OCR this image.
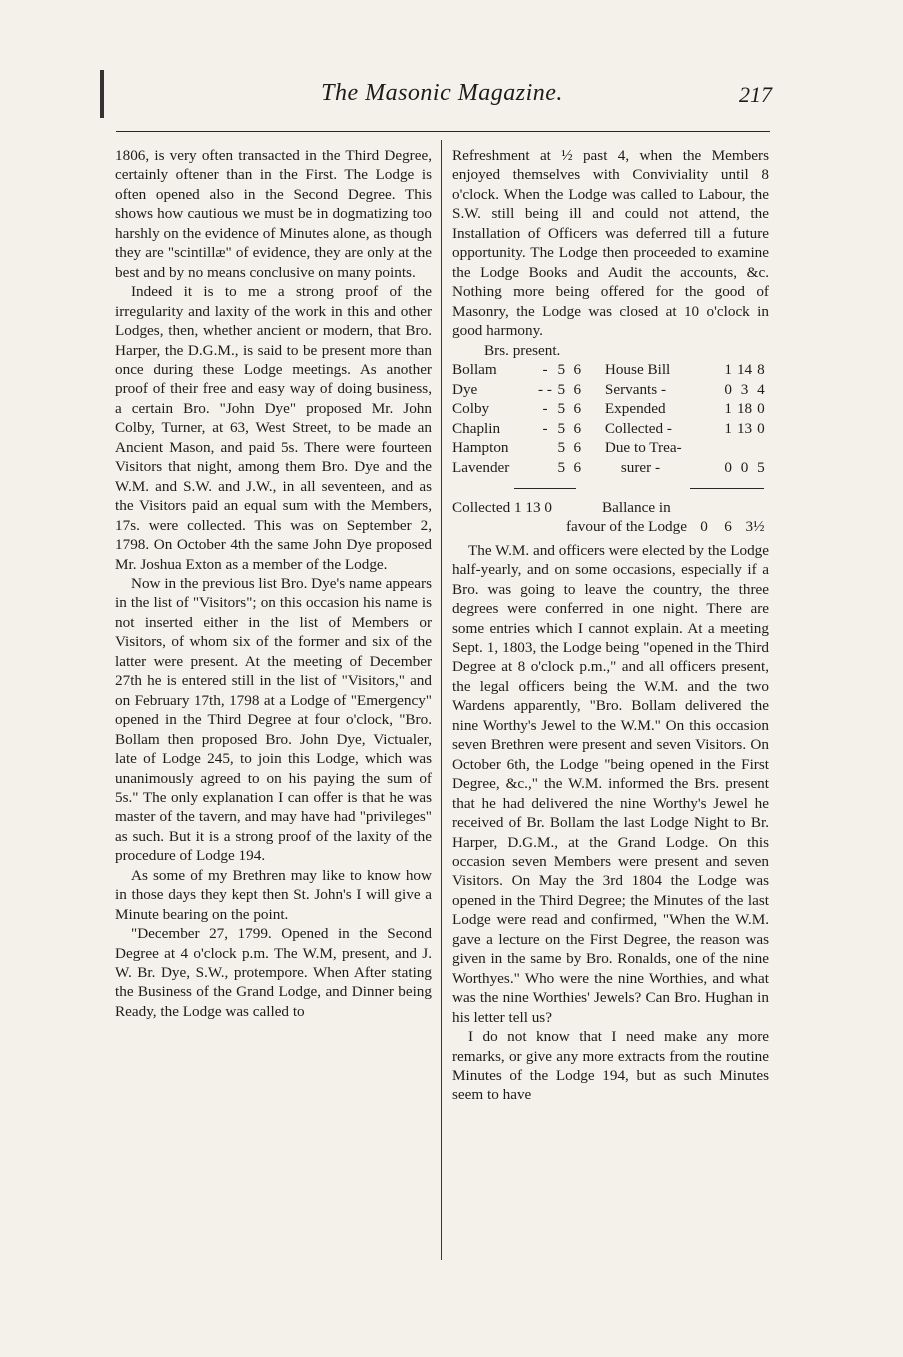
The Masonic Magazine.	217

1806, is very often transacted in the Third Degree, certainly oftener than in the First. The Lodge is often opened also in the Second Degree. This shows how cautious we must be in dogmatizing too harshly on the evidence of Minutes alone, as though they are "scintillæ" of evidence, they are only at the best and by no means conclusive on many points.

Indeed it is to me a strong proof of the irregularity and laxity of the work in this and other Lodges, then, whether ancient or modern, that Bro. Harper, the D.G.M., is said to be present more than once during these Lodge meetings. As another proof of their free and easy way of doing business, a certain Bro. "John Dye" proposed Mr. John Colby, Turner, at 63, West Street, to be made an Ancient Mason, and paid 5s. There were fourteen Visitors that night, among them Bro. Dye and the W.M. and S.W. and J.W., in all seventeen, and as the Visitors paid an equal sum with the Members, 17s. were collected. This was on September 2, 1798. On October 4th the same John Dye proposed Mr. Joshua Exton as a member of the Lodge.

Now in the previous list Bro. Dye's name appears in the list of "Visitors"; on this occasion his name is not inserted either in the list of Members or Visitors, of whom six of the former and six of the latter were present. At the meeting of December 27th he is entered still in the list of "Visitors," and on February 17th, 1798 at a Lodge of "Emergency" opened in the Third Degree at four o'clock, "Bro. Bollam then proposed Bro. John Dye, Victualer, late of Lodge 245, to join this Lodge, which was unanimously agreed to on his paying the sum of 5s." The only explanation I can offer is that he was master of the tavern, and may have had "privileges" as such. But it is a strong proof of the laxity of the procedure of Lodge 194.

As some of my Brethren may like to know how in those days they kept then St. John's I will give a Minute bearing on the point.

"December 27, 1799. Opened in the Second Degree at 4 o'clock p.m. The W.M, present, and J. W. Br. Dye, S.W., protempore. When After stating the Business of the Grand Lodge, and Dinner being Ready, the Lodge was called to

Refreshment at ½ past 4, when the Members enjoyed themselves with Conviviality until 8 o'clock. When the Lodge was called to Labour, the S.W. still being ill and could not attend, the Installation of Officers was deferred till a future opportunity. The Lodge then proceeded to examine the Lodge Books and Audit the accounts, &c. Nothing more being offered for the good of Masonry, the Lodge was closed at 10 o'clock in good harmony.

Brs. present.

Bollam	-	5	6		House Bill	1	14	8
Dye	- -	5	6		Servants -	0	3	4
Colby	-	5	6		Expended	1	18	0
Chaplin	-	5	6		Collected -	1	13	0
Hampton		5	6		Due to Trea-			
Lavender		5	6		surer -	0	0	5
Collected 1 13 0	Ballance in			
favour of the Lodge		0	6	3½

The W.M. and officers were elected by the Lodge half-yearly, and on some occasions, especially if a Bro. was going to leave the country, the three degrees were conferred in one night. There are some entries which I cannot explain. At a meeting Sept. 1, 1803, the Lodge being "opened in the Third Degree at 8 o'clock p.m.," and all officers present, the legal officers being the W.M. and the two Wardens apparently, "Bro. Bollam delivered the nine Worthy's Jewel to the W.M." On this occasion seven Brethren were present and seven Visitors. On October 6th, the Lodge "being opened in the First Degree, &c.," the W.M. informed the Brs. present that he had delivered the nine Worthy's Jewel he received of Br. Bollam the last Lodge Night to Br. Harper, D.G.M., at the Grand Lodge. On this occasion seven Members were present and seven Visitors. On May the 3rd 1804 the Lodge was opened in the Third Degree; the Minutes of the last Lodge were read and confirmed, "When the W.M. gave a lecture on the First Degree, the reason was given in the same by Bro. Ronalds, one of the nine Worthyes." Who were the nine Worthies, and what was the nine Worthies' Jewels? Can Bro. Hughan in his letter tell us?

I do not know that I need make any more remarks, or give any more extracts from the routine Minutes of the Lodge 194, but as such Minutes seem to have
